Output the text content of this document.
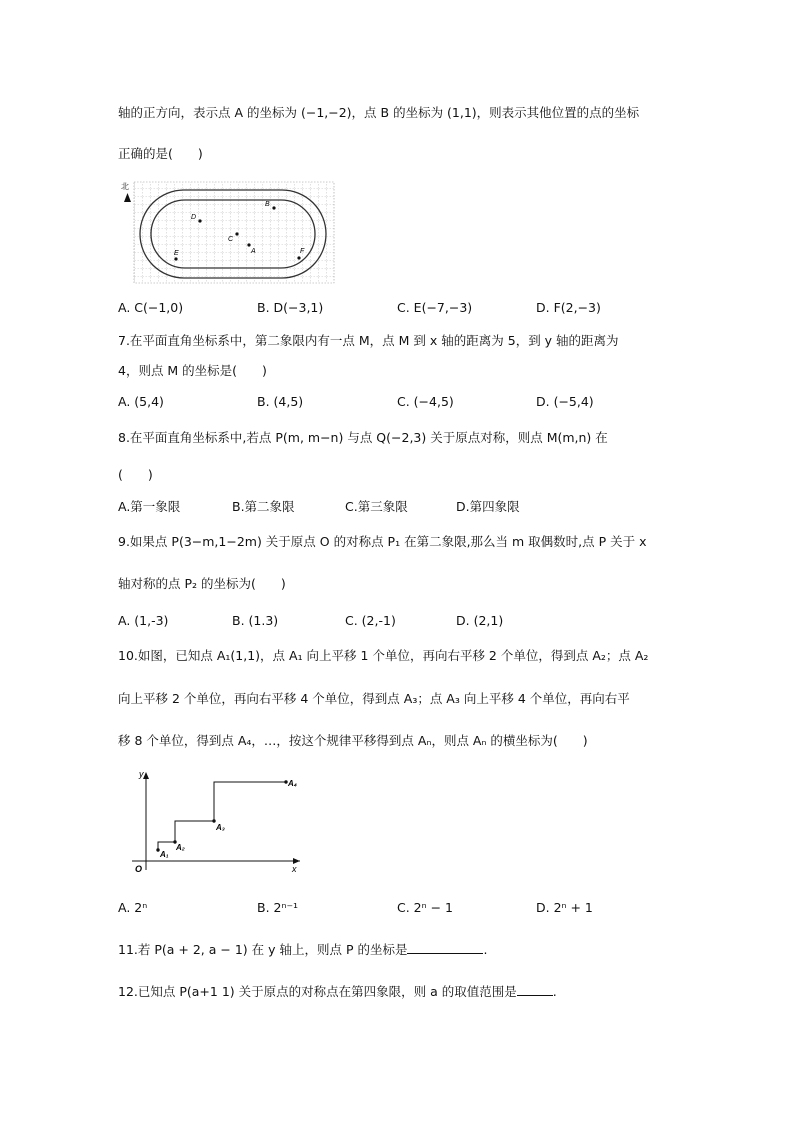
轴的正方向，表示点 A 的坐标为 (−1,−2)，点 B 的坐标为 (1,1)，则表示其他位置的点的坐标
正确的是(　　)
北
B
D
C
A
E	F
A. C(−1,0)	B. D(−3,1)	C. E(−7,−3)	D. F(2,−3)
7.在平面直角坐标系中，第二象限内有一点 M，点 M 到 x 轴的距离为 5，到 y 轴的距离为
4，则点 M 的坐标是(　　)
A. (5,4)	B. (4,5)	C. (−4,5)	D. (−5,4)
8.在平面直角坐标系中,若点 P(m, m−n) 与点 Q(−2,3) 关于原点对称，则点 M(m,n) 在
(　　)
A.第一象限	B.第二象限	C.第三象限	D.第四象限
9.如果点 P(3−m,1−2m) 关于原点 O 的对称点 P₁ 在第二象限,那么当 m 取偶数时,点 P 关于 x
轴对称的点 P₂ 的坐标为(　　)
A. (1,-3)	B. (1.3)	C. (2,-1)	D. (2,1)
10.如图，已知点 A₁(1,1)，点 A₁ 向上平移 1 个单位，再向右平移 2 个单位，得到点 A₂；点 A₂
向上平移 2 个单位，再向右平移 4 个单位，得到点 A₃；点 A₃ 向上平移 4 个单位，再向右平
移 8 个单位，得到点 A₄，…，按这个规律平移得到点 Aₙ，则点 Aₙ 的横坐标为(　　)
y
x
O
A₁
A₂
A₃
A₄
A. 2ⁿ	B. 2ⁿ⁻¹	C. 2ⁿ − 1	D. 2ⁿ + 1
11.若 P(a + 2, a − 1) 在 y 轴上，则点 P 的坐标是	.
12.已知点 P(a+1 1) 关于原点的对称点在第四象限，则 a 的取值范围是	.
